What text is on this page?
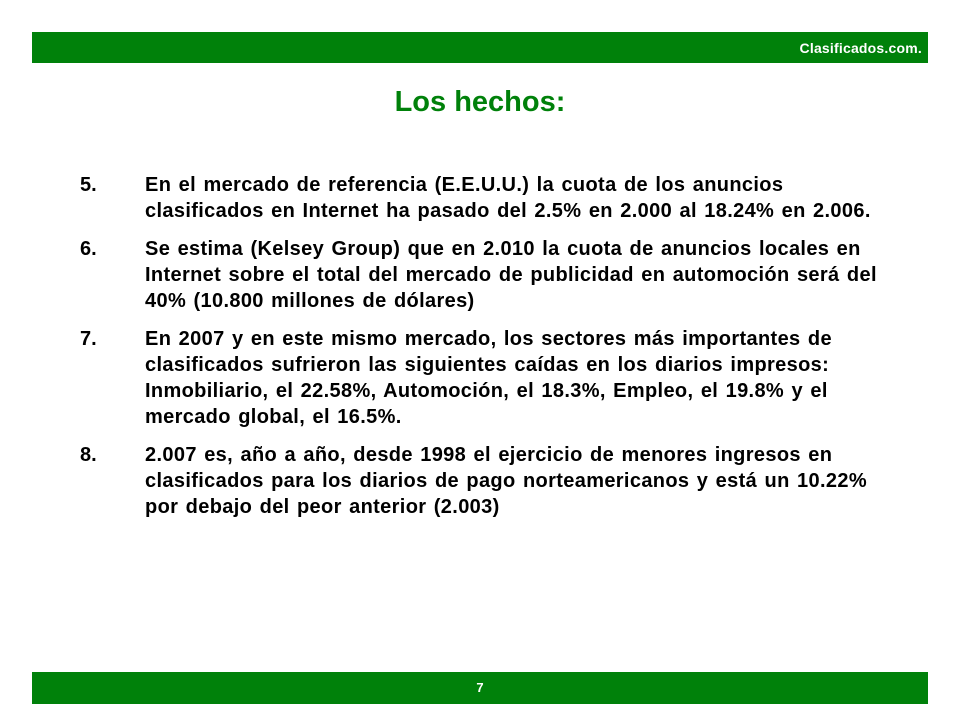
Clasificados.com.
Los hechos:
5.	En el mercado de referencia (E.E.U.U.) la cuota de los anuncios clasificados en Internet ha pasado del 2.5% en 2.000 al 18.24% en 2.006.
6.	Se estima (Kelsey Group) que en 2.010 la cuota de anuncios locales en Internet sobre el total del mercado de publicidad en automoción será del 40% (10.800 millones de dólares)
7.	En 2007 y en este mismo mercado, los sectores más importantes de clasificados sufrieron las siguientes caídas en los diarios impresos: Inmobiliario, el 22.58%, Automoción, el 18.3%, Empleo, el 19.8% y el mercado global, el 16.5%.
8.	2.007 es, año a año, desde 1998 el ejercicio de menores ingresos en clasificados para los diarios de pago norteamericanos y está un 10.22% por debajo del peor anterior (2.003)
7
